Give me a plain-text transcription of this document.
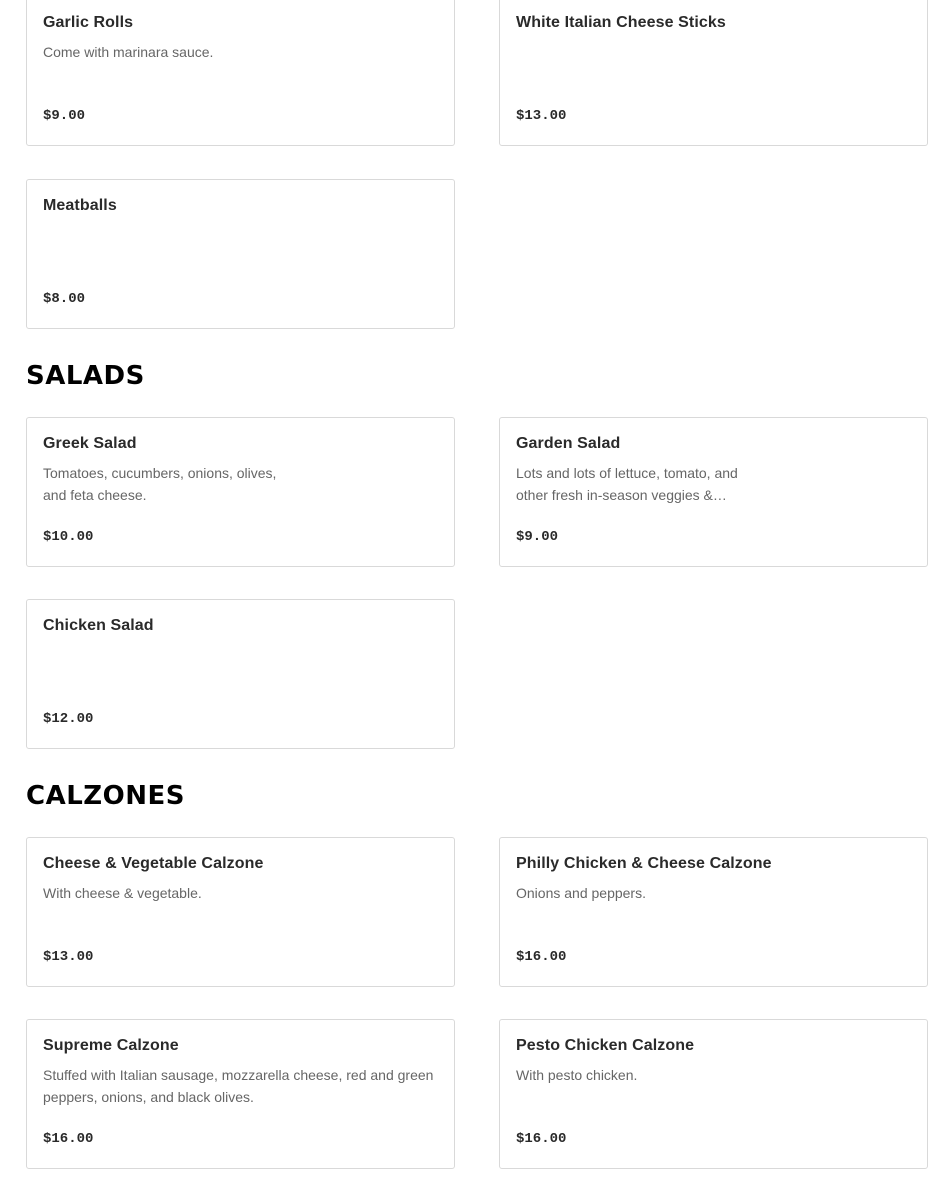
Garlic Rolls
Come with marinara sauce.
$9.00
White Italian Cheese Sticks
$13.00
Meatballs
$8.00
SALADS
Greek Salad
Tomatoes, cucumbers, onions, olives, and feta cheese.
$10.00
Garden Salad
Lots and lots of lettuce, tomato, and other fresh in-season veggies &…
$9.00
Chicken Salad
$12.00
CALZONES
Cheese & Vegetable Calzone
With cheese & vegetable.
$13.00
Philly Chicken & Cheese Calzone
Onions and peppers.
$16.00
Supreme Calzone
Stuffed with Italian sausage, mozzarella cheese, red and green peppers, onions, and black olives.
$16.00
Pesto Chicken Calzone
With pesto chicken.
$16.00
